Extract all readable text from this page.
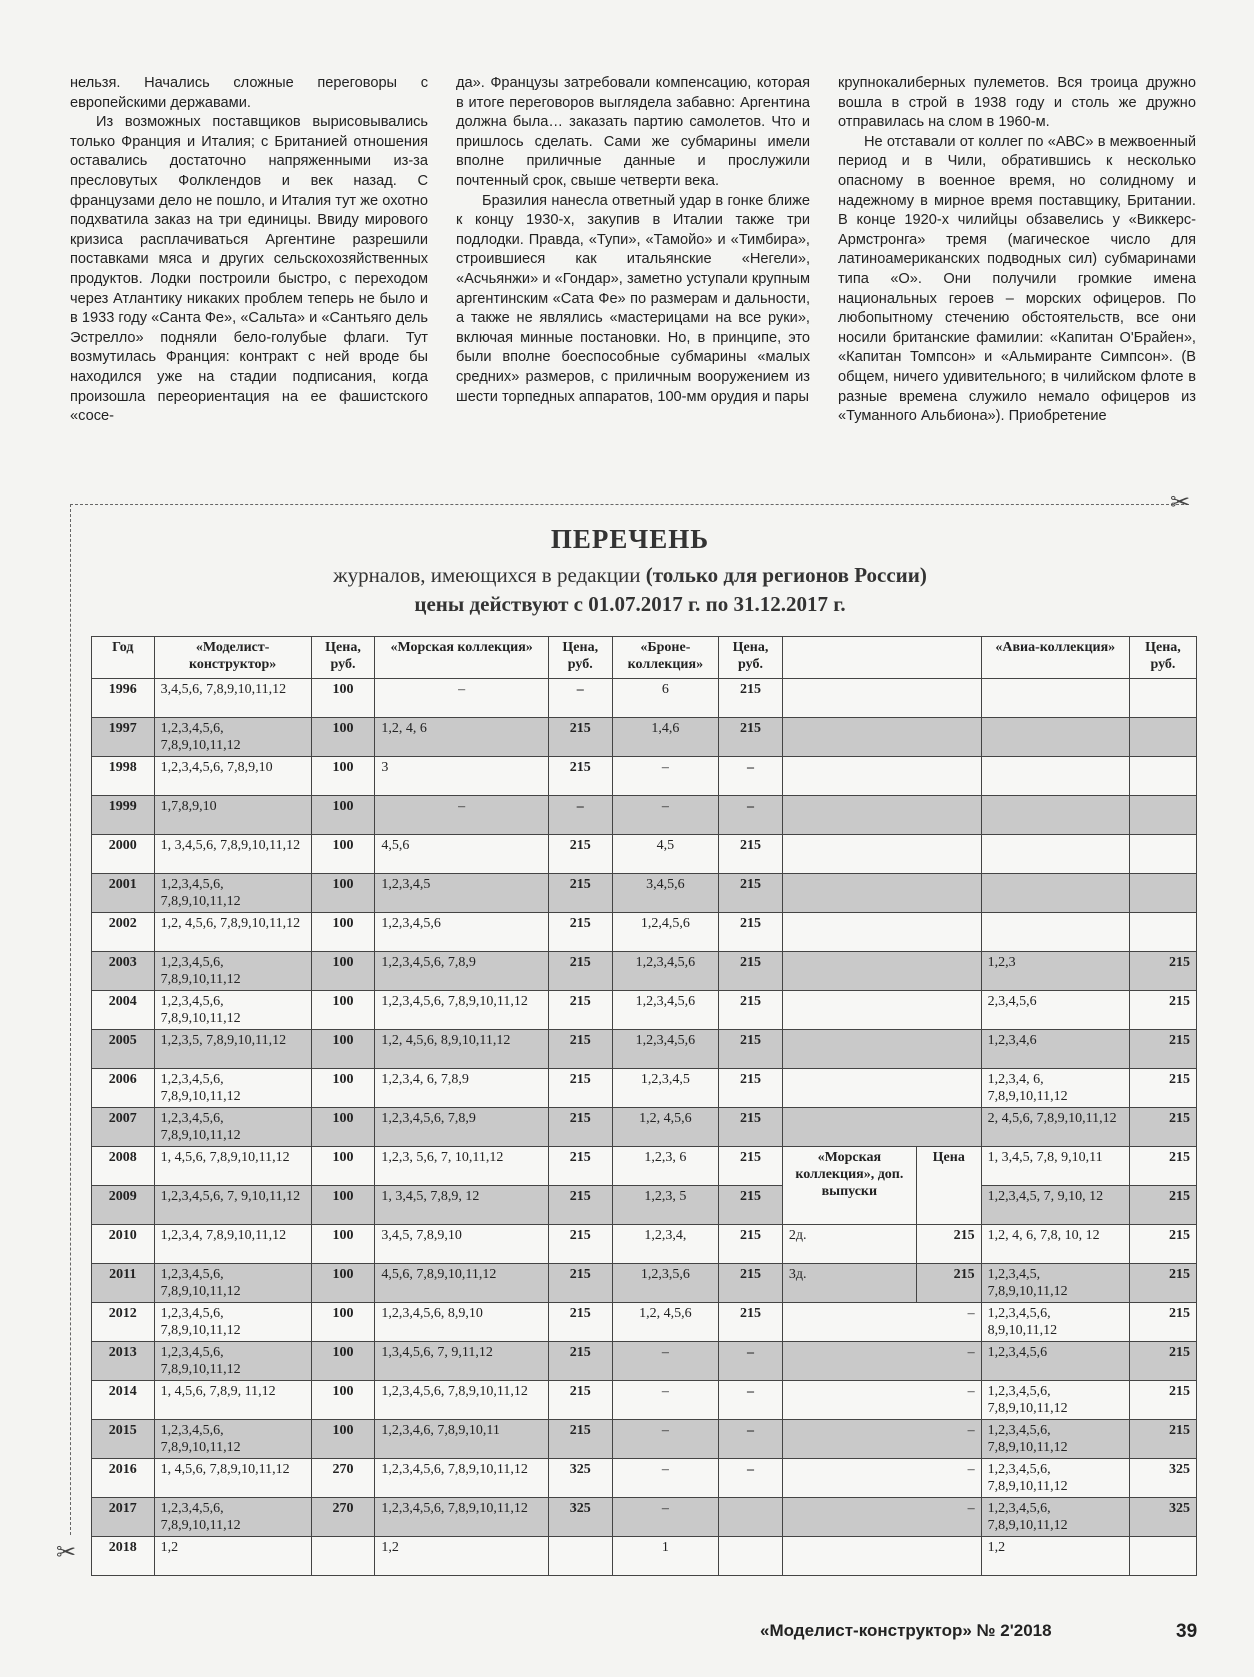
нельзя. Начались сложные переговоры с европейскими державами.

Из возможных поставщиков вырисовывались только Франция и Италия; с Британией отношения оставались достаточно напряженными из-за пресловутых Фолклендов и век назад. С французами дело не пошло, и Италия тут же охотно подхватила заказ на три единицы. Ввиду мирового кризиса расплачиваться Аргентине разрешили поставками мяса и других сельскохозяйственных продуктов. Лодки построили быстро, с переходом через Атлантику никаких проблем теперь не было и в 1933 году «Санта Фе», «Сальта» и «Сантьяго дель Эстрелло» подняли бело-голубые флаги. Тут возмутилась Франция: контракт с ней вроде бы находился уже на стадии подписания, когда произошла переориентация на ее фашистского «сосе-

да». Французы затребовали компенсацию, которая в итоге переговоров выглядела забавно: Аргентина должна была… заказать партию самолетов. Что и пришлось сделать. Сами же субмарины имели вполне приличные данные и прослужили почтенный срок, свыше четверти века.

Бразилия нанесла ответный удар в гонке ближе к концу 1930-х, закупив в Италии также три подлодки. Правда, «Тупи», «Тамойо» и «Тимбира», строившиеся как итальянские «Негели», «Асчьянжи» и «Гондар», заметно уступали крупным аргентинским «Сата Фе» по размерам и дальности, а также не являлись «мастерицами на все руки», включая минные постановки. Но, в принципе, это были вполне боеспособные субмарины «малых средних» размеров, с приличным вооружением из шести торпедных аппаратов, 100-мм орудия и пары

крупнокалиберных пулеметов. Вся троица дружно вошла в строй в 1938 году и столь же дружно отправилась на слом в 1960-м.

Не отставали от коллег по «АВС» в межвоенный период и в Чили, обратившись к несколько опасному в военное время, но солидному и надежному в мирное время поставщику, Британии. В конце 1920-х чилийцы обзавелись у «Виккерс-Армстронга» тремя (магическое число для латиноамериканских подводных сил) субмаринами типа «О». Они получили громкие имена национальных героев – морских офицеров. По любопытному стечению обстоятельств, все они носили британские фамилии: «Капитан О'Брайен», «Капитан Томпсон» и «Альмиранте Симпсон». (В общем, ничего удивительного; в чилийском флоте в разные времена служило немало офицеров из «Туманного Альбиона»). Приобретение

✂
✂
ПЕРЕЧЕНЬ
журналов, имеющихся в редакции (только для регионов России)
цены действуют с 01.07.2017 г. по 31.12.2017 г.
Год	«Моделист-конструктор»	Цена, руб.	«Морская коллекция»	Цена, руб.	«Броне-коллекция»	Цена, руб.			«Авиа-коллекция»	Цена, руб.
1996	3,4,5,6, 7,8,9,10,11,12	100	–	–	6	215				
1997	1,2,3,4,5,6, 7,8,9,10,11,12	100	1,2, 4, 6	215	1,4,6	215				
1998	1,2,3,4,5,6, 7,8,9,10	100	3	215	–	–				
1999	1,7,8,9,10	100	–	–	–	–				
2000	1, 3,4,5,6, 7,8,9,10,11,12	100	4,5,6	215	4,5	215				
2001	1,2,3,4,5,6, 7,8,9,10,11,12	100	1,2,3,4,5	215	3,4,5,6	215				
2002	1,2, 4,5,6, 7,8,9,10,11,12	100	1,2,3,4,5,6	215	1,2,4,5,6	215				
2003	1,2,3,4,5,6, 7,8,9,10,11,12	100	1,2,3,4,5,6, 7,8,9	215	1,2,3,4,5,6	215			1,2,3	215
2004	1,2,3,4,5,6, 7,8,9,10,11,12	100	1,2,3,4,5,6, 7,8,9,10,11,12	215	1,2,3,4,5,6	215			2,3,4,5,6	215
2005	1,2,3,5, 7,8,9,10,11,12	100	1,2, 4,5,6, 8,9,10,11,12	215	1,2,3,4,5,6	215			1,2,3,4,6	215
2006	1,2,3,4,5,6, 7,8,9,10,11,12	100	1,2,3,4, 6, 7,8,9	215	1,2,3,4,5	215			1,2,3,4, 6, 7,8,9,10,11,12	215
2007	1,2,3,4,5,6, 7,8,9,10,11,12	100	1,2,3,4,5,6, 7,8,9	215	1,2, 4,5,6	215			2, 4,5,6, 7,8,9,10,11,12	215
2008	1, 4,5,6, 7,8,9,10,11,12	100	1,2,3, 5,6, 7, 10,11,12	215	1,2,3, 6	215	«Морская коллекция», доп. выпуски	Цена	1, 3,4,5, 7,8, 9,10,11	215
2009	1,2,3,4,5,6, 7, 9,10,11,12	100	1, 3,4,5, 7,8,9, 12	215	1,2,3, 5	215			1,2,3,4,5, 7, 9,10, 12	215
2010	1,2,3,4, 7,8,9,10,11,12	100	3,4,5, 7,8,9,10	215	1,2,3,4,	215	2д.	215	1,2, 4, 6, 7,8, 10, 12	215
2011	1,2,3,4,5,6, 7,8,9,10,11,12	100	4,5,6, 7,8,9,10,11,12	215	1,2,3,5,6	215	3д.	215	1,2,3,4,5, 7,8,9,10,11,12	215
2012	1,2,3,4,5,6, 7,8,9,10,11,12	100	1,2,3,4,5,6, 8,9,10	215	1,2, 4,5,6	215	–		1,2,3,4,5,6, 8,9,10,11,12	215
2013	1,2,3,4,5,6, 7,8,9,10,11,12	100	1,3,4,5,6, 7, 9,11,12	215	–	–	–		1,2,3,4,5,6	215
2014	1, 4,5,6, 7,8,9, 11,12	100	1,2,3,4,5,6, 7,8,9,10,11,12	215	–	–	–		1,2,3,4,5,6, 7,8,9,10,11,12	215
2015	1,2,3,4,5,6, 7,8,9,10,11,12	100	1,2,3,4,6, 7,8,9,10,11	215	–	–	–		1,2,3,4,5,6, 7,8,9,10,11,12	215
2016	1, 4,5,6, 7,8,9,10,11,12	270	1,2,3,4,5,6, 7,8,9,10,11,12	325	–	–	–		1,2,3,4,5,6, 7,8,9,10,11,12	325
2017	1,2,3,4,5,6, 7,8,9,10,11,12	270	1,2,3,4,5,6, 7,8,9,10,11,12	325	–		–		1,2,3,4,5,6, 7,8,9,10,11,12	325
2018	1,2		1,2		1				1,2	
«Моделист-конструктор» № 2'2018	39
